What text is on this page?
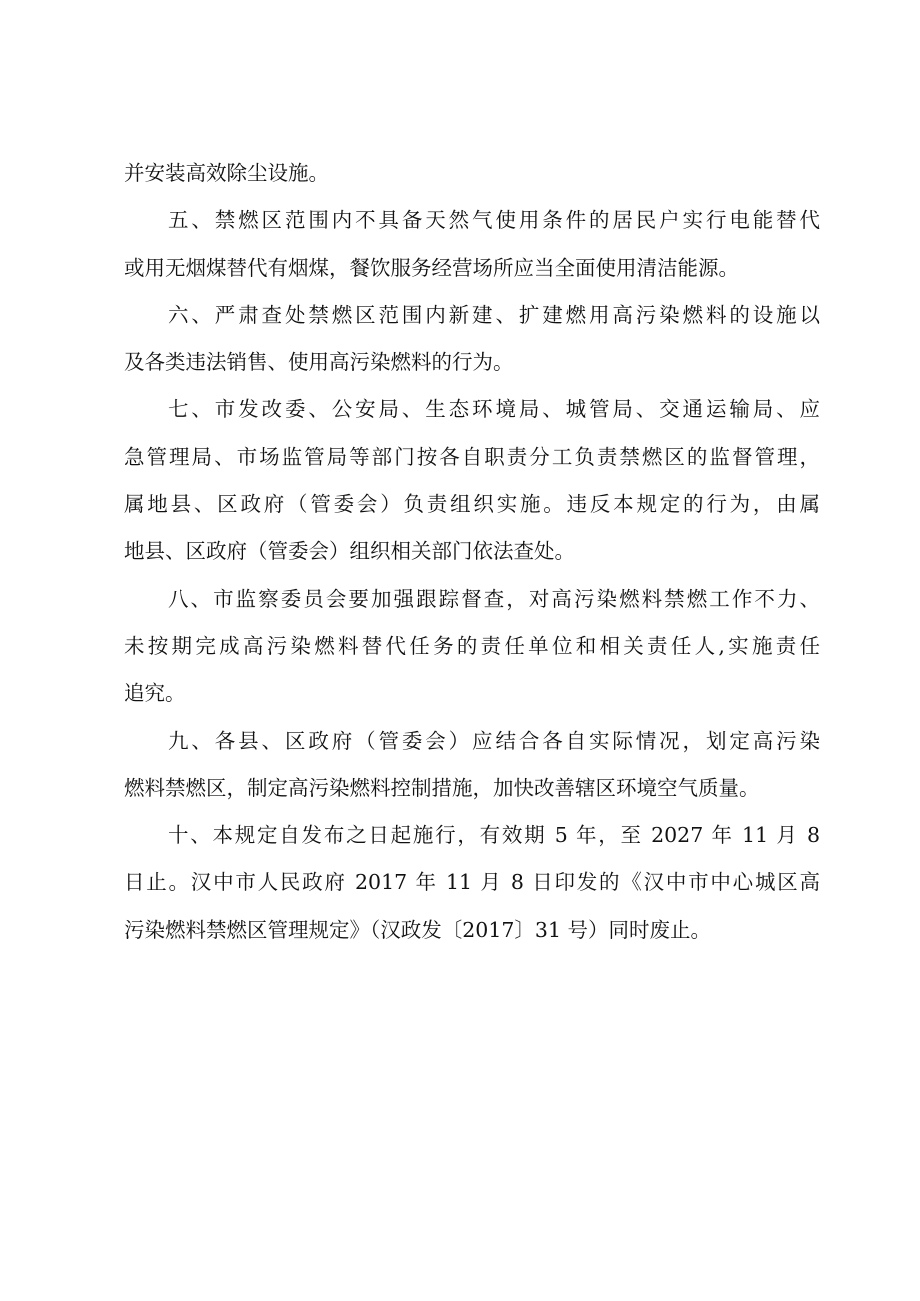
并安装高效除尘设施。
五、禁燃区范围内不具备天然气使用条件的居民户实行电能替代
或用无烟煤替代有烟煤，餐饮服务经营场所应当全面使用清洁能源。
六、严肃查处禁燃区范围内新建、扩建燃用高污染燃料的设施以
及各类违法销售、使用高污染燃料的行为。
七、市发改委、公安局、生态环境局、城管局、交通运输局、应
急管理局、市场监管局等部门按各自职责分工负责禁燃区的监督管理，
属地县、区政府（管委会）负责组织实施。违反本规定的行为，由属
地县、区政府（管委会）组织相关部门依法查处。
八、市监察委员会要加强跟踪督查，对高污染燃料禁燃工作不力、
未按期完成高污染燃料替代任务的责任单位和相关责任人,实施责任
追究。
九、各县、区政府（管委会）应结合各自实际情况，划定高污染
燃料禁燃区，制定高污染燃料控制措施，加快改善辖区环境空气质量。
十、本规定自发布之日起施行，有效期 5 年，至 2027 年 11 月 8
日止。汉中市人民政府 2017 年 11 月 8 日印发的《汉中市中心城区高
污染燃料禁燃区管理规定》（汉政发〔2017〕31 号）同时废止。
